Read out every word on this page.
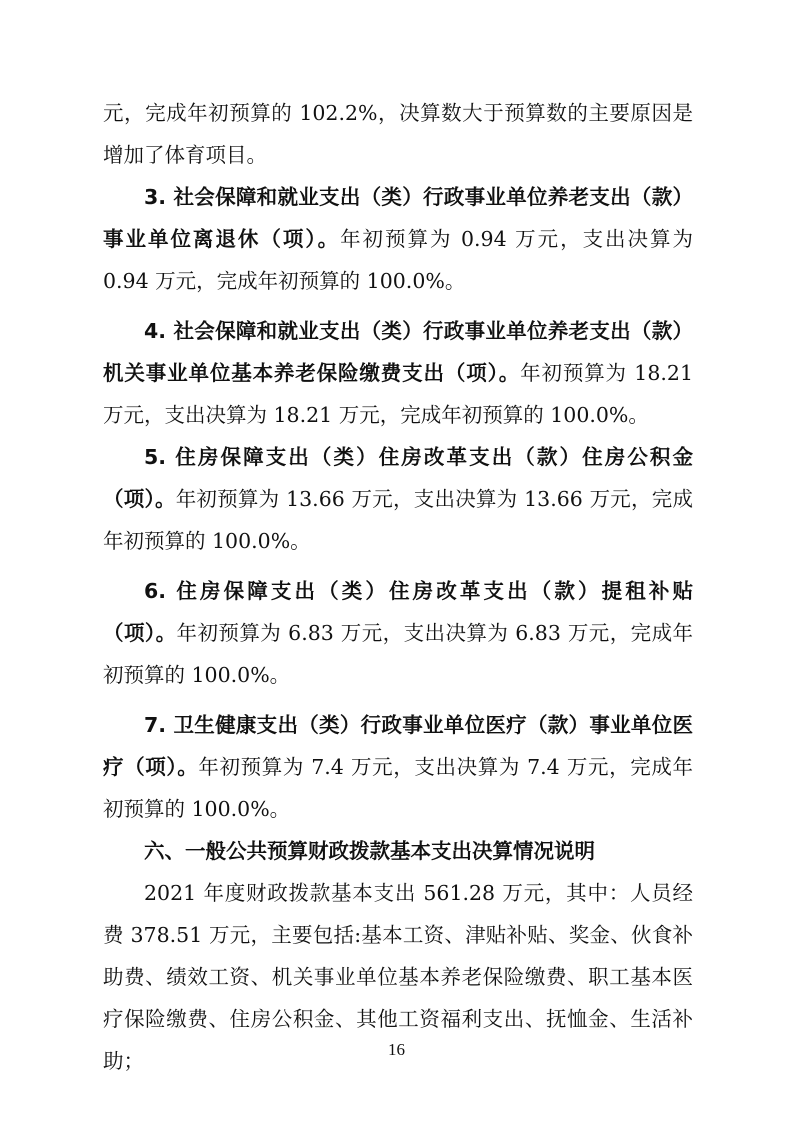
元，完成年初预算的 102.2%，决算数大于预算数的主要原因是增加了体育项目。

3. 社会保障和就业支出（类）行政事业单位养老支出（款）事业单位离退休（项）。年初预算为 0.94 万元，支出决算为 0.94 万元，完成年初预算的 100.0%。

4. 社会保障和就业支出（类）行政事业单位养老支出（款）机关事业单位基本养老保险缴费支出（项）。年初预算为 18.21 万元，支出决算为 18.21 万元，完成年初预算的 100.0%。

5. 住房保障支出（类）住房改革支出（款）住房公积金（项）。年初预算为 13.66 万元，支出决算为 13.66 万元，完成年初预算的 100.0%。

6. 住房保障支出（类）住房改革支出（款）提租补贴（项）。年初预算为 6.83 万元，支出决算为 6.83 万元，完成年初预算的 100.0%。

7. 卫生健康支出（类）行政事业单位医疗（款）事业单位医疗（项）。年初预算为 7.4 万元，支出决算为 7.4 万元，完成年初预算的 100.0%。

六、一般公共预算财政拨款基本支出决算情况说明

2021 年度财政拨款基本支出 561.28 万元，其中：人员经费 378.51 万元，主要包括:基本工资、津贴补贴、奖金、伙食补助费、绩效工资、机关事业单位基本养老保险缴费、职工基本医疗保险缴费、住房公积金、其他工资福利支出、抚恤金、生活补助；	16
